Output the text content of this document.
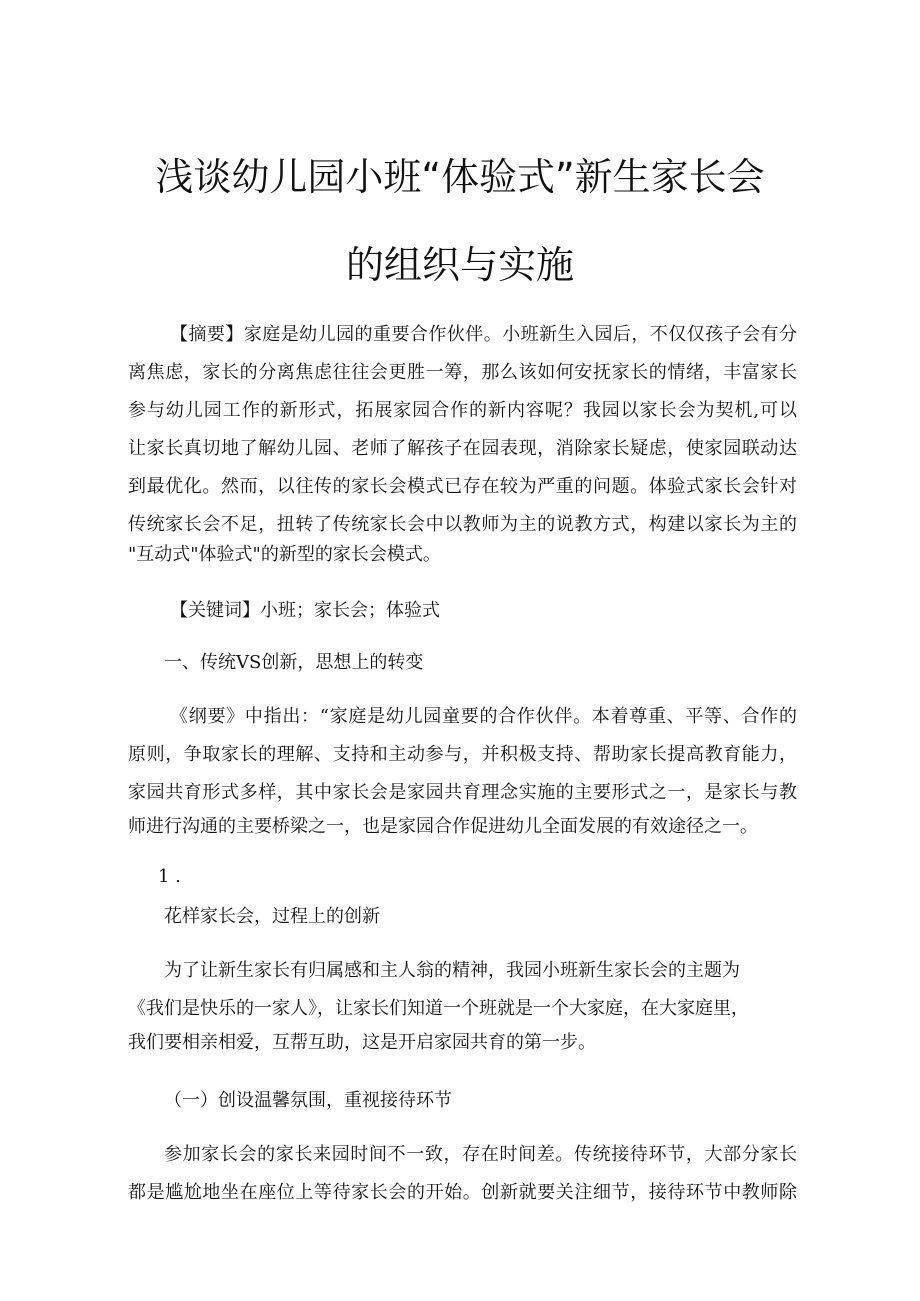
浅谈幼儿园小班“体验式”新生家长会
的组织与实施
【摘要】家庭是幼儿园的重要合作伙伴。小班新生入园后，不仅仅孩子会有分
离焦虑，家长的分离焦虑往往会更胜一筹，那么该如何安抚家长的情绪，丰富家长
参与幼儿园工作的新形式，拓展家园合作的新内容呢？我园以家长会为契机,可以
让家长真切地了解幼儿园、老师了解孩子在园表现，消除家长疑虑，使家园联动达
到最优化。然而，以往传的家长会模式已存在较为严重的问题。体验式家长会针对
传统家长会不足，扭转了传统家长会中以教师为主的说教方式，构建以家长为主的
"互动式"体验式"的新型的家长会模式。
【关键词】小班；家长会；体验式
一、传统VS创新，思想上的转变
《纲要》中指出：“家庭是幼儿园童要的合作伙伴。本着尊重、平等、合作的
原则，争取家长的理解、支持和主动参与，并积极支持、帮助家长提高教育能力，
家园共育形式多样，其中家长会是家园共育理念实施的主要形式之一，是家长与教
师进行沟通的主要桥梁之一，也是家园合作促进幼儿全面发展的有效途径之一。
1 .
花样家长会，过程上的创新
为了让新生家长有归属感和主人翁的精神，我园小班新生家长会的主题为
《我们是快乐的一家人》，让家长们知道一个班就是一个大家庭，在大家庭里，
我们要相亲相爱，互帮互助，这是开启家园共育的第一步。
（一）创设温馨氛围，重视接待环节
参加家长会的家长来园时间不一致，存在时间差。传统接待环节，大部分家长
都是尴尬地坐在座位上等待家长会的开始。创新就要关注细节，接待环节中教师除
